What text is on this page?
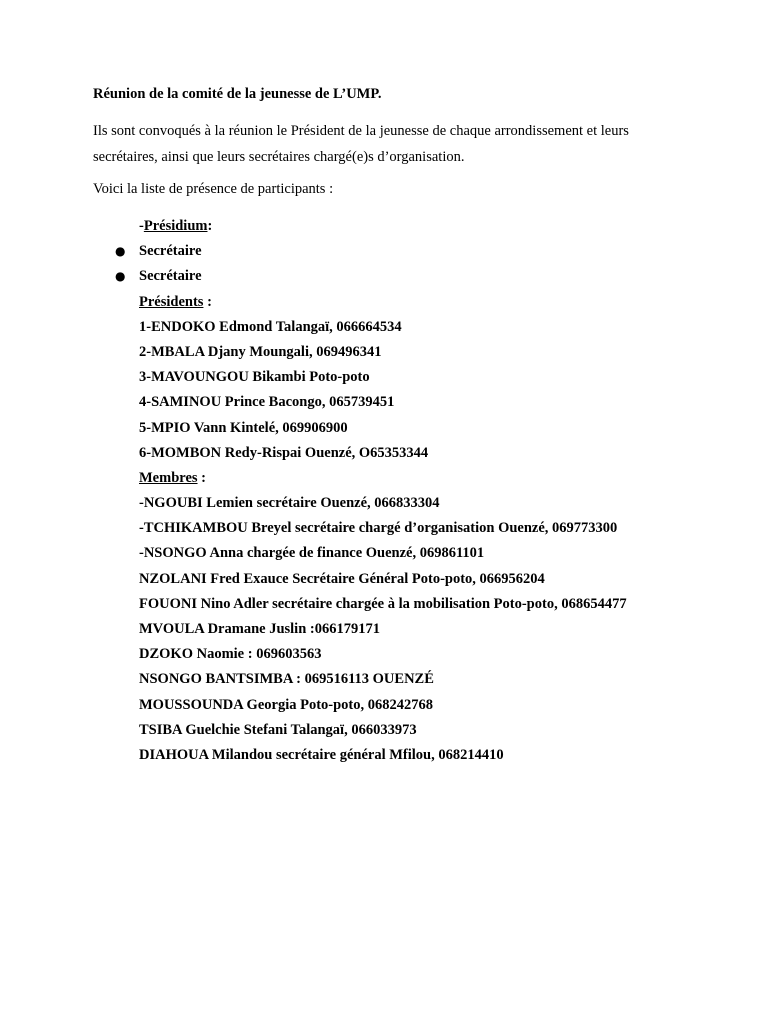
Réunion de la comité de la jeunesse de L’UMP.
Ils sont convoqués à la réunion le Président de la jeunesse de chaque arrondissement et leurs
secrétaires, ainsi que leurs secrétaires chargé(e)s d’organisation.
Voici la liste de présence de participants :
-Présidium:
● Secrétaire
● Secrétaire
Présidents :
1-ENDOKO Edmond Talangaï, 066664534
2-MBALA Djany Moungali, 069496341
3-MAVOUNGOU Bikambi Poto-poto
4-SAMINOU Prince Bacongo, 065739451
5-MPIO Vann Kintelé, 069906900
6-MOMBON Redy-Rispai Ouenzé, O65353344
Membres :
-NGOUBI Lemien secrétaire Ouenzé, 066833304
-TCHIKAMBOU Breyel secrétaire chargé d’organisation Ouenzé, 069773300
-NSONGO Anna chargée de finance Ouenzé, 069861101
NZOLANI Fred Exauce Secrétaire Général Poto-poto, 066956204
FOUONI Nino Adler secrétaire chargée à la mobilisation Poto-poto, 068654477
MVOULA Dramane Juslin :066179171
DZOKO Naomie : 069603563
NSONGO BANTSIMBA : 069516113 OUENZÉ
MOUSSOUNDA Georgia Poto-poto, 068242768
TSIBA Guelchie Stefani Talangaï, 066033973
DIAHOUA Milandou secrétaire général Mfilou, 068214410
